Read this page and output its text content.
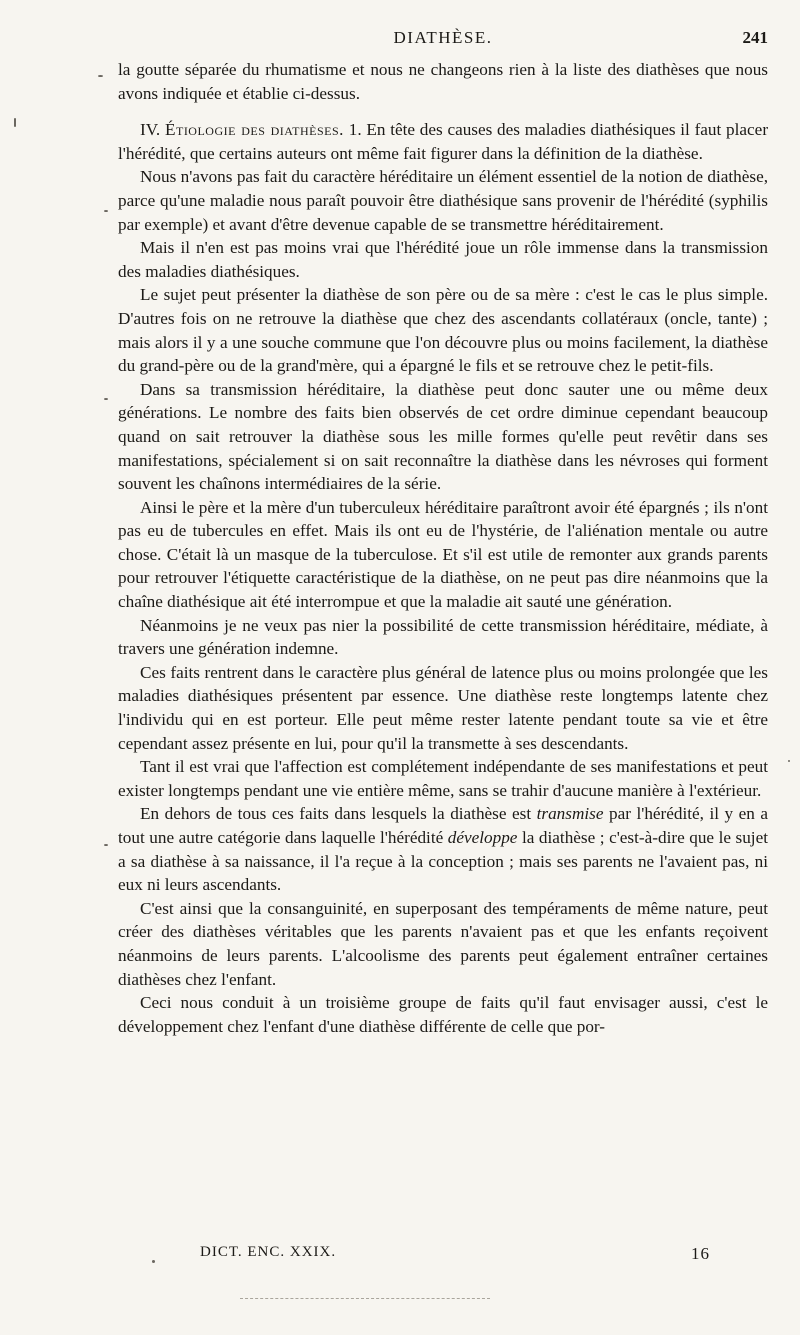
DIATHÈSE.	241

la goutte séparée du rhumatisme et nous ne changeons rien à la liste des diathèses que nous avons indiquée et établie ci-dessus.

IV. Étiologie des diathèses. 1. En tête des causes des maladies diathésiques il faut placer l'hérédité, que certains auteurs ont même fait figurer dans la définition de la diathèse.

Nous n'avons pas fait du caractère héréditaire un élément essentiel de la notion de diathèse, parce qu'une maladie nous paraît pouvoir être diathésique sans provenir de l'hérédité (syphilis par exemple) et avant d'être devenue capable de se transmettre héréditairement.

Mais il n'en est pas moins vrai que l'hérédité joue un rôle immense dans la transmission des maladies diathésiques.

Le sujet peut présenter la diathèse de son père ou de sa mère : c'est le cas le plus simple. D'autres fois on ne retrouve la diathèse que chez des ascendants collatéraux (oncle, tante) ; mais alors il y a une souche commune que l'on découvre plus ou moins facilement, la diathèse du grand-père ou de la grand'mère, qui a épargné le fils et se retrouve chez le petit-fils.

Dans sa transmission héréditaire, la diathèse peut donc sauter une ou même deux générations. Le nombre des faits bien observés de cet ordre diminue cependant beaucoup quand on sait retrouver la diathèse sous les mille formes qu'elle peut revêtir dans ses manifestations, spécialement si on sait reconnaître la diathèse dans les névroses qui forment souvent les chaînons intermédiaires de la série.

Ainsi le père et la mère d'un tuberculeux héréditaire paraîtront avoir été épargnés ; ils n'ont pas eu de tubercules en effet. Mais ils ont eu de l'hystérie, de l'aliénation mentale ou autre chose. C'était là un masque de la tuberculose. Et s'il est utile de remonter aux grands parents pour retrouver l'étiquette caractéristique de la diathèse, on ne peut pas dire néanmoins que la chaîne diathésique ait été interrompue et que la maladie ait sauté une génération.

Néanmoins je ne veux pas nier la possibilité de cette transmission héréditaire, médiate, à travers une génération indemne.

Ces faits rentrent dans le caractère plus général de latence plus ou moins prolongée que les maladies diathésiques présentent par essence. Une diathèse reste longtemps latente chez l'individu qui en est porteur. Elle peut même rester latente pendant toute sa vie et être cependant assez présente en lui, pour qu'il la transmette à ses descendants.

Tant il est vrai que l'affection est complétement indépendante de ses manifestations et peut exister longtemps pendant une vie entière même, sans se trahir d'aucune manière à l'extérieur.

En dehors de tous ces faits dans lesquels la diathèse est transmise par l'hérédité, il y en a tout une autre catégorie dans laquelle l'hérédité développe la diathèse ; c'est-à-dire que le sujet a sa diathèse à sa naissance, il l'a reçue à la conception ; mais ses parents ne l'avaient pas, ni eux ni leurs ascendants.

C'est ainsi que la consanguinité, en superposant des tempéraments de même nature, peut créer des diathèses véritables que les parents n'avaient pas et que les enfants reçoivent néanmoins de leurs parents. L'alcoolisme des parents peut également entraîner certaines diathèses chez l'enfant.

Ceci nous conduit à un troisième groupe de faits qu'il faut envisager aussi, c'est le développement chez l'enfant d'une diathèse différente de celle que por-

DICT. ENC. XXIX.	16
